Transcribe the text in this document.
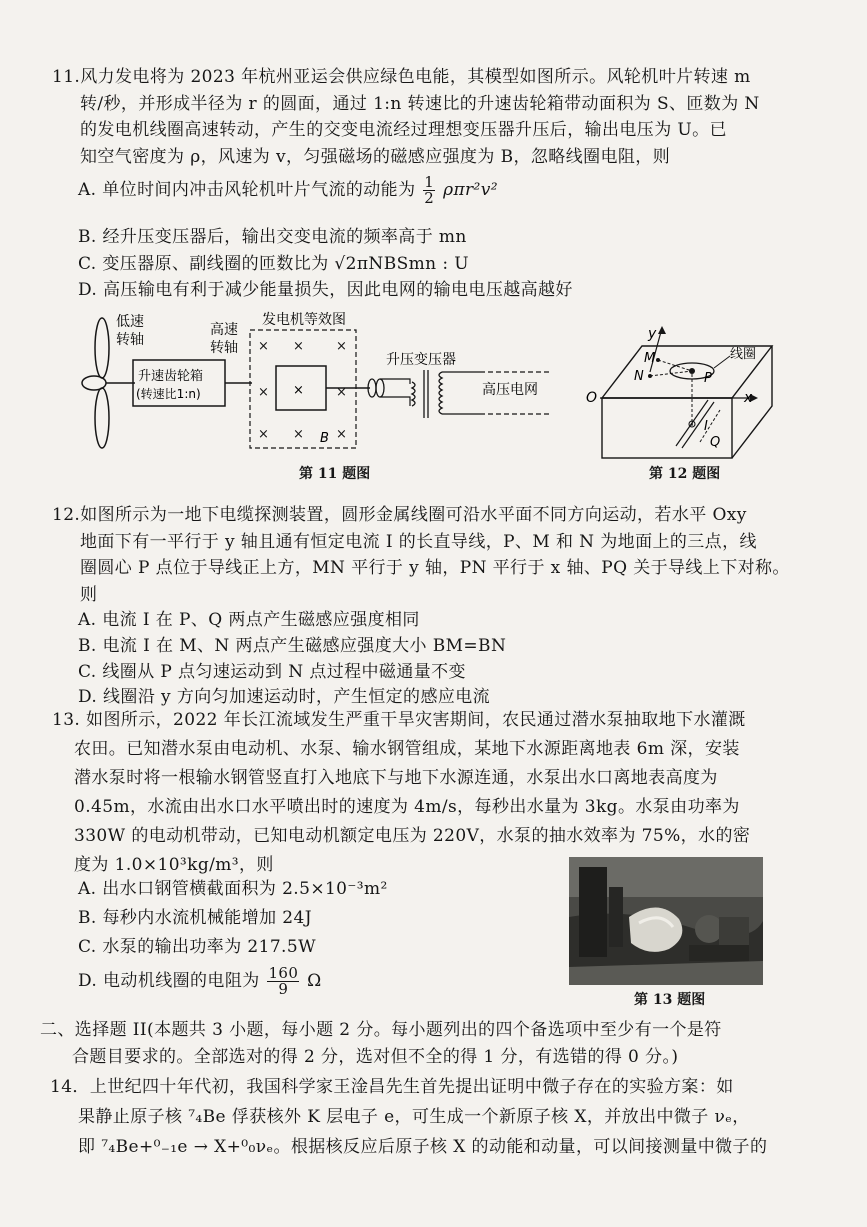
11.风力发电将为 2023 年杭州亚运会供应绿色电能，其模型如图所示。风轮机叶片转速 m
转/秒，并形成半径为 r 的圆面，通过 1:n 转速比的升速齿轮箱带动面积为 S、匝数为 N
的发电机线圈高速转动，产生的交变电流经过理想变压器升压后，输出电压为 U。已
知空气密度为 ρ，风速为 v，匀强磁场的磁感应强度为 B，忽略线圈电阻，则
A. 单位时间内冲击风轮机叶片气流的动能为 $\frac{1}{2} \rho\pi r^2v^2$
B. 经升压变压器后，输出交变电流的频率高于 mn
C. 变压器原、副线圈的匝数比为 √2πNBSmn : U
D. 高压输电有利于减少能量损失，因此电网的输电电压越高越好
低速
转轴
升速齿轮箱
(转速比1:n)
高速
转轴
发电机等效图
× × ×
×	×
× × ×
×
B
升压变压器
高压电网
第 11 题图
y
x
O
M
N	P
线圈
I
Q
第 12 题图
12.如图所示为一地下电缆探测装置，圆形金属线圈可沿水平面不同方向运动，若水平 Oxy
地面下有一平行于 y 轴且通有恒定电流 I 的长直导线，P、M 和 N 为地面上的三点，线
圈圆心 P 点位于导线正上方，MN 平行于 y 轴，PN 平行于 x 轴、PQ 关于导线上下对称。
则
A. 电流 I 在 P、Q 两点产生磁感应强度相同
B. 电流 I 在 M、N 两点产生磁感应强度大小 BM=BN
C. 线圈从 P 点匀速运动到 N 点过程中磁通量不变
D. 线圈沿 y 方向匀加速运动时，产生恒定的感应电流
13. 如图所示，2022 年长江流域发生严重干旱灾害期间，农民通过潜水泵抽取地下水灌溉
农田。已知潜水泵由电动机、水泵、输水钢管组成，某地下水源距离地表 6m 深，安装
潜水泵时将一根输水钢管竖直打入地底下与地下水源连通，水泵出水口离地表高度为
0.45m，水流由出水口水平喷出时的速度为 4m/s，每秒出水量为 3kg。水泵由功率为
330W 的电动机带动，已知电动机额定电压为 220V，水泵的抽水效率为 75%，水的密
度为 1.0×10³kg/m³，则
A. 出水口钢管横截面积为 2.5×10⁻³m²
B. 每秒内水流机械能增加 24J
C. 水泵的输出功率为 217.5W
D. 电动机线圈的电阻为 $\frac{160}{9}$ Ω
第 13 题图
二、选择题 II(本题共 3 小题，每小题 2 分。每小题列出的四个备选项中至少有一个是符
合题目要求的。全部选对的得 2 分，选对但不全的得 1 分，有选错的得 0 分。)
14．上世纪四十年代初，我国科学家王淦昌先生首先提出证明中微子存在的实验方案：如
果静止原子核 ⁷₄Be 俘获核外 K 层电子 e，可生成一个新原子核 X，并放出中微子 νₑ，
即 ⁷₄Be+⁰₋₁e → X+⁰₀νₑ。根据核反应后原子核 X 的动能和动量，可以间接测量中微子的
